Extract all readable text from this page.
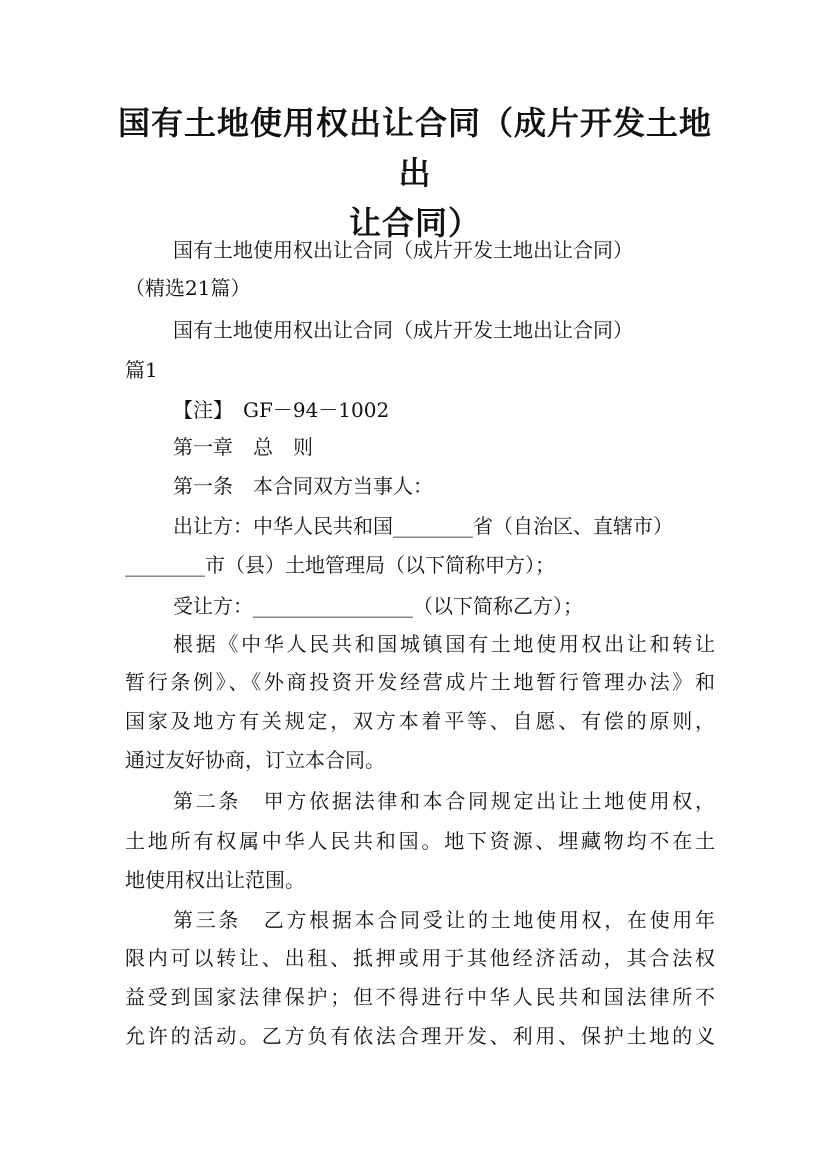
国有土地使用权出让合同（成片开发土地出
让合同）
国有土地使用权出让合同（成片开发土地出让合同）
（精选21篇）
国有土地使用权出让合同（成片开发土地出让合同）
篇1
【注】　GF－94－1002
第一章　总　则
第一条　本合同双方当事人：
出让方：中华人民共和国________省（自治区、直辖市）
________市（县）土地管理局（以下简称甲方）；
受让方：________________（以下简称乙方）；
根据《中华人民共和国城镇国有土地使用权出让和转让
暂行条例》、《外商投资开发经营成片土地暂行管理办法》和
国家及地方有关规定，双方本着平等、自愿、有偿的原则，
通过友好协商，订立本合同。
第二条　甲方依据法律和本合同规定出让土地使用权，
土地所有权属中华人民共和国。地下资源、埋藏物均不在土
地使用权出让范围。
第三条　乙方根据本合同受让的土地使用权，在使用年
限内可以转让、出租、抵押或用于其他经济活动，其合法权
益受到国家法律保护；但不得进行中华人民共和国法律所不
允许的活动。乙方负有依法合理开发、利用、保护土地的义
